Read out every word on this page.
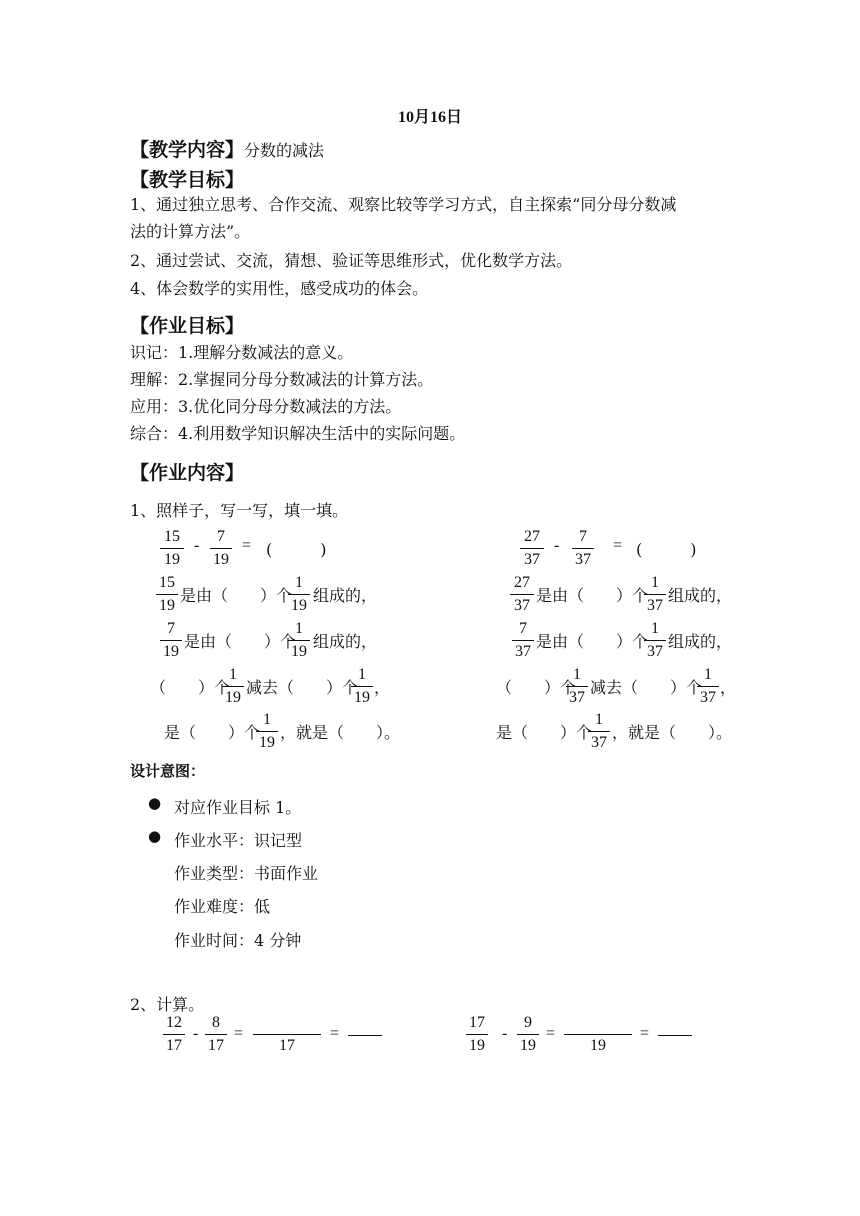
10月16日
【教学内容】分数的减法
【教学目标】
1、通过独立思考、合作交流、观察比较等学习方式，自主探索“同分母分数减
法的计算方法”。
2、通过尝试、交流，猜想、验证等思维形式，优化数学方法。
4、体会数学的实用性，感受成功的体会。
【作业目标】
识记：1.理解分数减法的意义。
理解：2.掌握同分母分数减法的计算方法。
应用：3.优化同分母分数减法的方法。
综合：4.利用数学知识解决生活中的实际问题。
【作业内容】
1、照样子，写一写，填一填。
15
19
-
7
19
= (　　　)
15
19
是由（　　）个
1
19
组成的，
7
19
是由（　　）个
1
19
组成的，
（　　）个
1
19
减去（　　）个
1
19
，
是（　　）个
1
19
，就是（　　）。
27
37
-
7
37
= (　　　)
27
37
是由（　　）个
1
37
组成的，
7
37
是由（　　）个
1
37
组成的，
（　　）个
1
37
减去（　　）个
1
37
，
是（　　）个
1
37
，就是（　　）。
设计意图：
● 对应作业目标 1。
● 作业水平：识记型
作业类型：书面作业
作业难度：低
作业时间：4 分钟
2、计算。
12
17
-
8
17
=

17
=
17
19
-
9
19
=

19
=
